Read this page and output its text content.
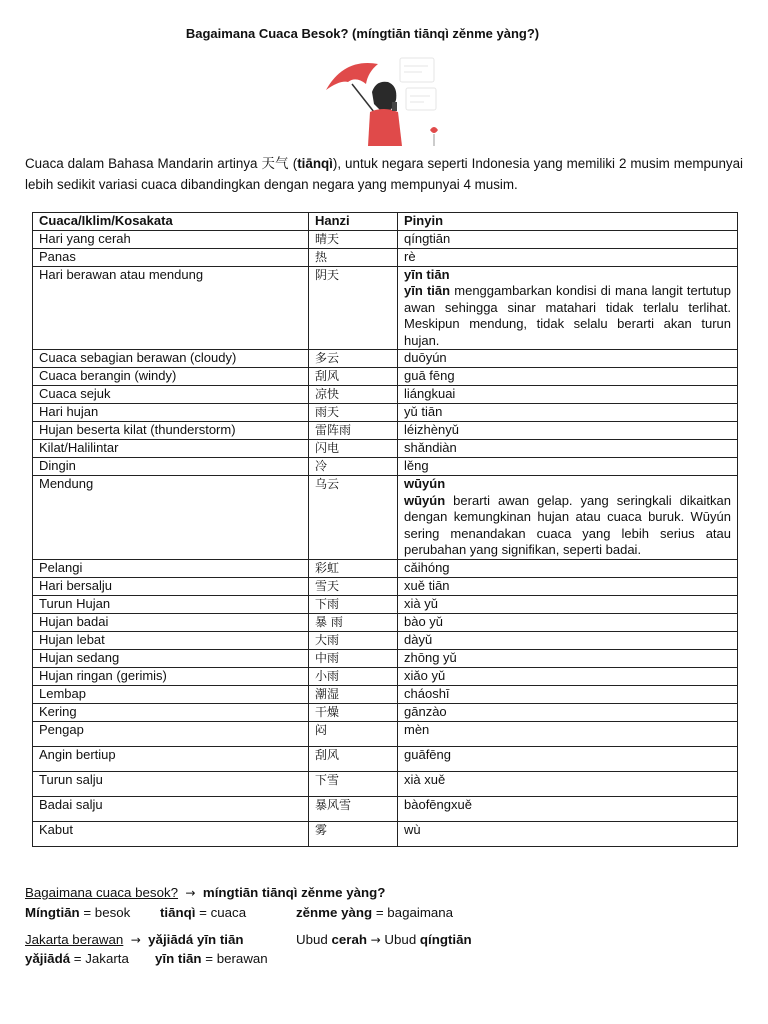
Bagaimana Cuaca Besok? (míngtiān tiānqì zěnme yàng?)
Cuaca dalam Bahasa Mandarin artinya 天气 (tiānqì), untuk negara seperti Indonesia yang memiliki 2 musim mempunyai lebih sedikit variasi cuaca dibandingkan dengan negara yang mempunyai 4 musim.
Cuaca/Iklim/Kosakata	Hanzi	Pinyin
Hari yang cerah	晴天	qíngtiān
Panas	热	rè
Hari berawan atau mendung	阴天	yīn tiān
yīn tiān menggambarkan kondisi di mana langit tertutup awan sehingga sinar matahari tidak terlalu terlihat. Meskipun mendung, tidak selalu berarti akan turun hujan.
Cuaca sebagian berawan (cloudy)	多云	duōyún
Cuaca berangin (windy)	刮风	guā fēng
Cuaca sejuk	凉快	liángkuai
Hari hujan	雨天	yǔ tiān
Hujan beserta kilat (thunderstorm)	雷阵雨	léizhènyǔ
Kilat/Halilintar	闪电	shǎndiàn
Dingin	冷	lěng
Mendung	乌云	wūyún
wūyún berarti awan gelap. yang seringkali dikaitkan dengan kemungkinan hujan atau cuaca buruk. Wūyún sering menandakan cuaca yang lebih serius atau perubahan yang signifikan, seperti badai.
Pelangi	彩虹	cǎihóng
Hari bersalju	雪天	xuě tiān
Turun Hujan	下雨	xià yǔ
Hujan badai	暴 雨	bào yǔ
Hujan lebat	大雨	dàyǔ
Hujan sedang	中雨	zhōng yǔ
Hujan ringan (gerimis)	小雨	xiǎo yǔ
Lembap	潮湿	cháoshī
Kering	干燥	gānzào
Pengap	闷	mèn
Angin bertiup	刮风	guāfēng
Turun salju	下雪	xià xuě
Badai salju	暴风雪	bàofēngxuě
Kabut	雾	wù
Bagaimana cuaca besok? → míngtiān tiānqì zěnme yàng?
Míngtiān = besok tiānqì = cuaca	zěnme yàng = bagaimana
Jakarta berawan → yǎjiādá yīn tiān	Ubud cerah → Ubud qíngtiān
yǎjiādá = Jakarta yīn tiān = berawan
